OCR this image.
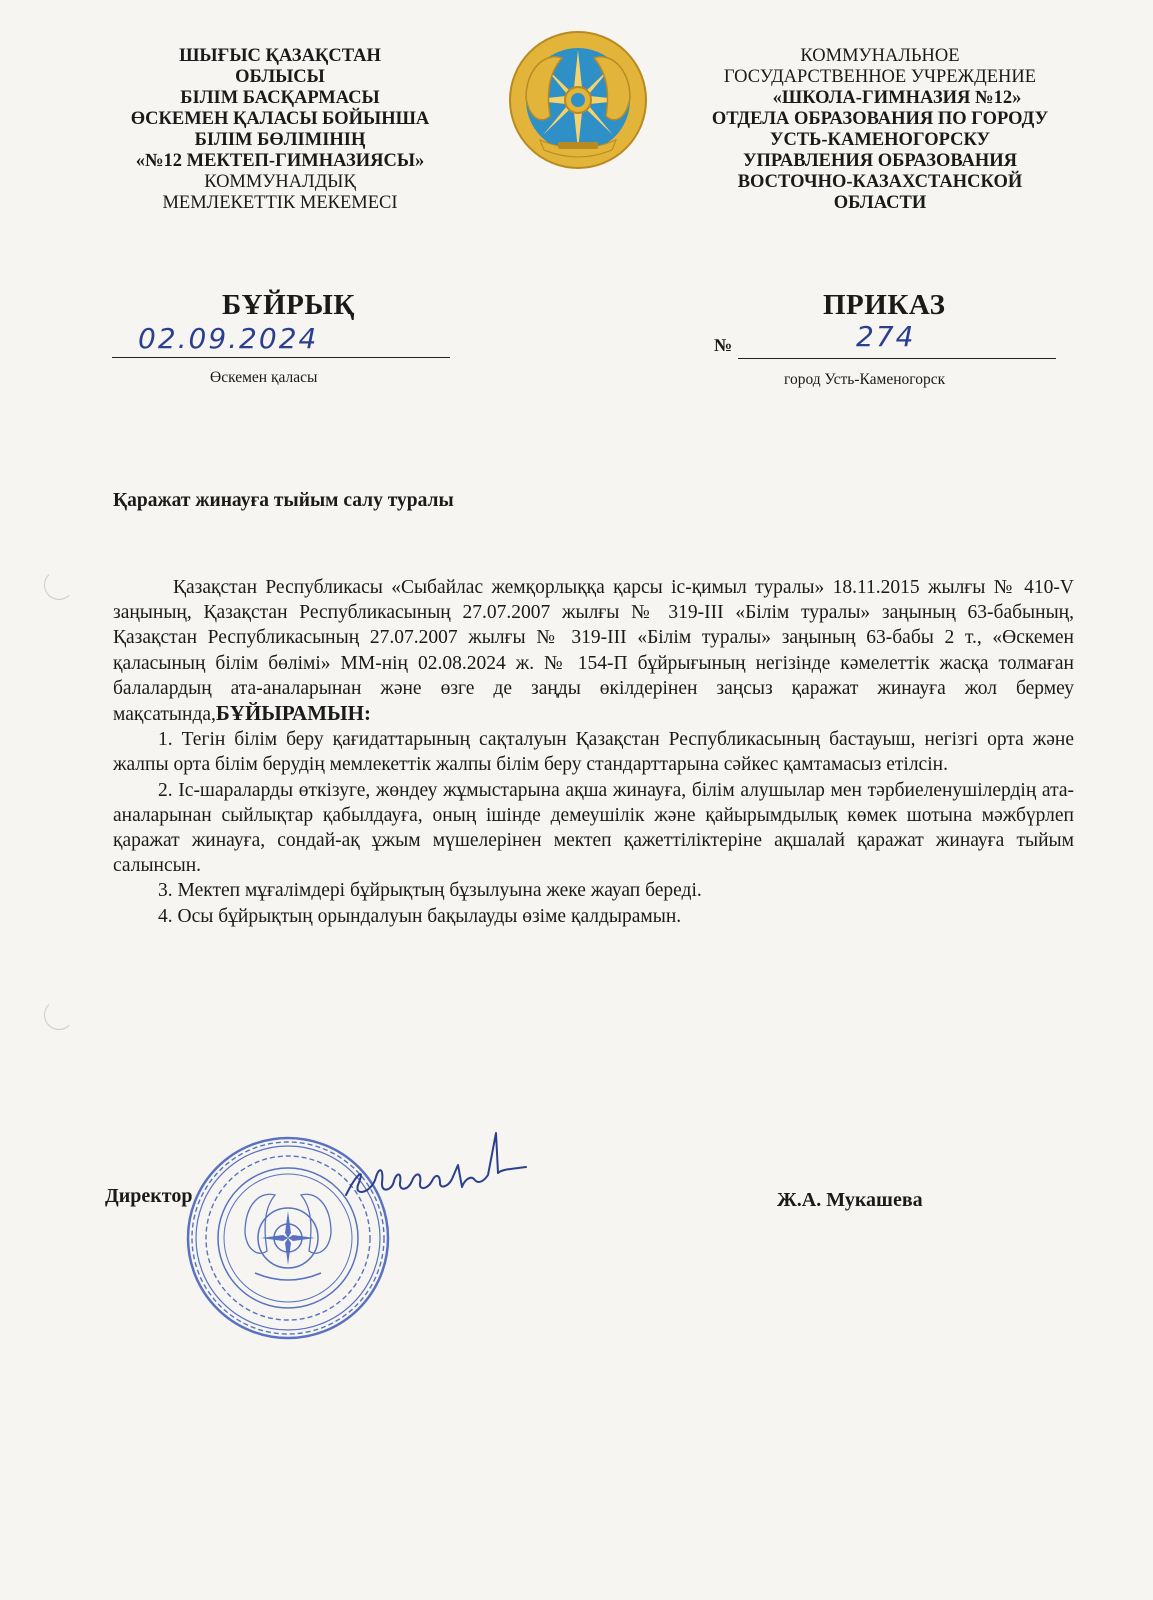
ШЫҒЫС ҚАЗАҚСТАН
ОБЛЫСЫ
БІЛІМ БАСҚАРМАСЫ
ӨСКЕМЕН ҚАЛАСЫ БОЙЫНША
БІЛІМ БӨЛІМІНІҢ
«№12 МЕКТЕП-ГИМНАЗИЯСЫ»
КОММУНАЛДЫҚ
МЕМЛЕКЕТТІК МЕКЕМЕСІ
КОММУНАЛЬНОЕ
ГОСУДАРСТВЕННОЕ УЧРЕЖДЕНИЕ
«ШКОЛА-ГИМНАЗИЯ №12»
ОТДЕЛА ОБРАЗОВАНИЯ ПО ГОРОДУ
УСТЬ-КАМЕНОГОРСКУ
УПРАВЛЕНИЯ ОБРАЗОВАНИЯ
ВОСТОЧНО-КАЗАХСТАНСКОЙ
ОБЛАСТИ
БҰЙРЫҚ	ПРИКАЗ
02.09.2024	№	274
Өскемен қаласы	город Усть-Каменогорск
Қаражат жинауға тыйым салу туралы

Қазақстан Республикасы «Сыбайлас жемқорлыққа қарсы іс-қимыл туралы» 18.11.2015 жылғы № 410-V заңының, Қазақстан Республикасының 27.07.2007 жылғы № 319-III «Білім туралы» заңының 63-бабының, Қазақстан Республикасының 27.07.2007 жылғы № 319-III «Білім туралы» заңының 63-бабы 2 т., «Өскемен қаласының білім бөлімі» ММ-нің 02.08.2024 ж. № 154-П бұйрығының негізінде кәмелеттік жасқа толмаған балалардың ата-аналарынан және өзге де заңды өкілдерінен заңсыз қаражат жинауға жол бермеу мақсатында,БҰЙЫРАМЫН:

1. Тегін білім беру қағидаттарының сақталуын Қазақстан Республикасының бастауыш, негізгі орта және жалпы орта білім берудің мемлекеттік жалпы білім беру стандарттарына сәйкес қамтамасыз етілсін.

2. Іс-шараларды өткізуге, жөндеу жұмыстарына ақша жинауға, білім алушылар мен тәрбиеленушілердің ата-аналарынан сыйлықтар қабылдауға, оның ішінде демеушілік және қайырымдылық көмек шотына мәжбүрлеп қаражат жинауға, сондай-ақ ұжым мүшелерінен мектеп қажеттіліктеріне ақшалай қаражат жинауға тыйым салынсын.

3. Мектеп мұғалімдері бұйрықтың бұзылуына жеке жауап береді.

4. Осы бұйрықтың орындалуын бақылауды өзіме қалдырамын.

Директор	Ж.А. Мукашева
